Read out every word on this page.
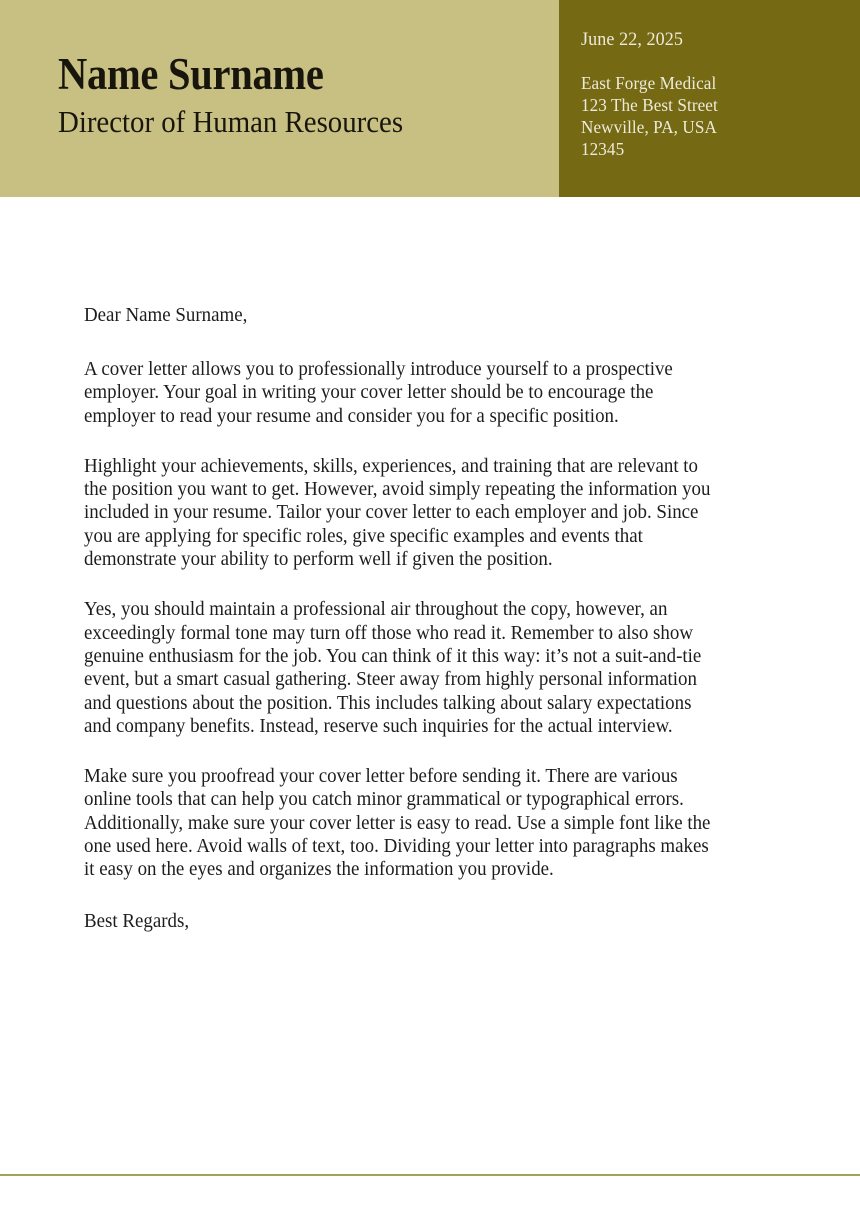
Name Surname
Director of Human Resources
June 22, 2025
East Forge Medical
123 The Best Street
Newville, PA, USA
12345

Dear Name Surname,

A cover letter allows you to professionally introduce yourself to a prospective employer. Your goal in writing your cover letter should be to encourage the employer to read your resume and consider you for a specific position.

Highlight your achievements, skills, experiences, and training that are relevant to the position you want to get. However, avoid simply repeating the information you included in your resume. Tailor your cover letter to each employer and job. Since you are applying for specific roles, give specific examples and events that demonstrate your ability to perform well if given the position.

Yes, you should maintain a professional air throughout the copy, however, an exceedingly formal tone may turn off those who read it. Remember to also show genuine enthusiasm for the job. You can think of it this way: it’s not a suit-and-tie event, but a smart casual gathering. Steer away from highly personal information and questions about the position. This includes talking about salary expectations and company benefits. Instead, reserve such inquiries for the actual interview.

Make sure you proofread your cover letter before sending it. There are various online tools that can help you catch minor grammatical or typographical errors. Additionally, make sure your cover letter is easy to read. Use a simple font like the one used here. Avoid walls of text, too. Dividing your letter into paragraphs makes it easy on the eyes and organizes the information you provide.

Best Regards,
